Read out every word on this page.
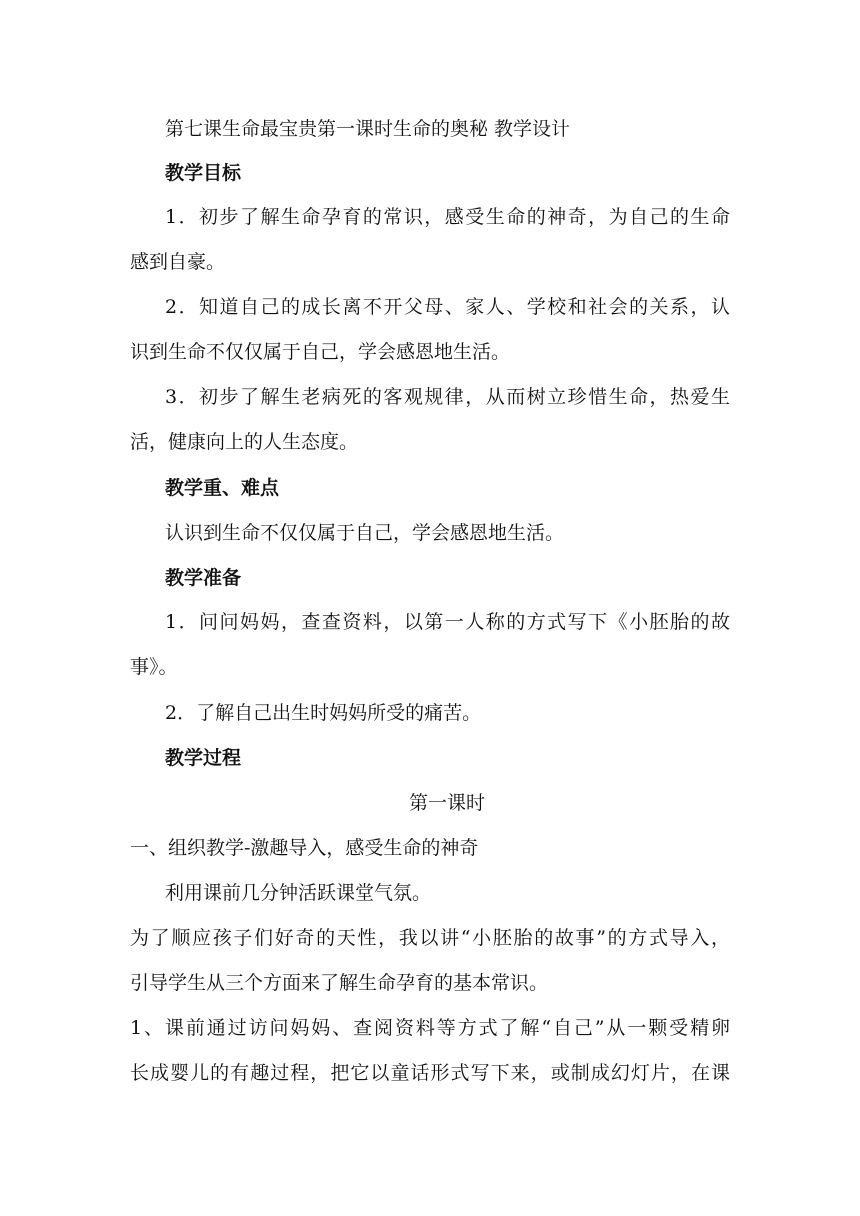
第七课生命最宝贵第一课时生命的奥秘 教学设计
教学目标
1．初步了解生命孕育的常识，感受生命的神奇，为自己的生命
感到自豪。
2．知道自己的成长离不开父母、家人、学校和社会的关系，认
识到生命不仅仅属于自己，学会感恩地生活。
3．初步了解生老病死的客观规律，从而树立珍惜生命，热爱生
活，健康向上的人生态度。
教学重、难点
认识到生命不仅仅属于自己，学会感恩地生活。
教学准备
1．问问妈妈，查查资料，以第一人称的方式写下《小胚胎的故
事》。
2．了解自己出生时妈妈所受的痛苦。
教学过程
第一课时
一、组织教学-激趣导入，感受生命的神奇
利用课前几分钟活跃课堂气氛。
为了顺应孩子们好奇的天性，我以讲“小胚胎的故事”的方式导入，
引导学生从三个方面来了解生命孕育的基本常识。
1、课前通过访问妈妈、查阅资料等方式了解“自己”从一颗受精卵
长成婴儿的有趣过程，把它以童话形式写下来，或制成幻灯片，在课
